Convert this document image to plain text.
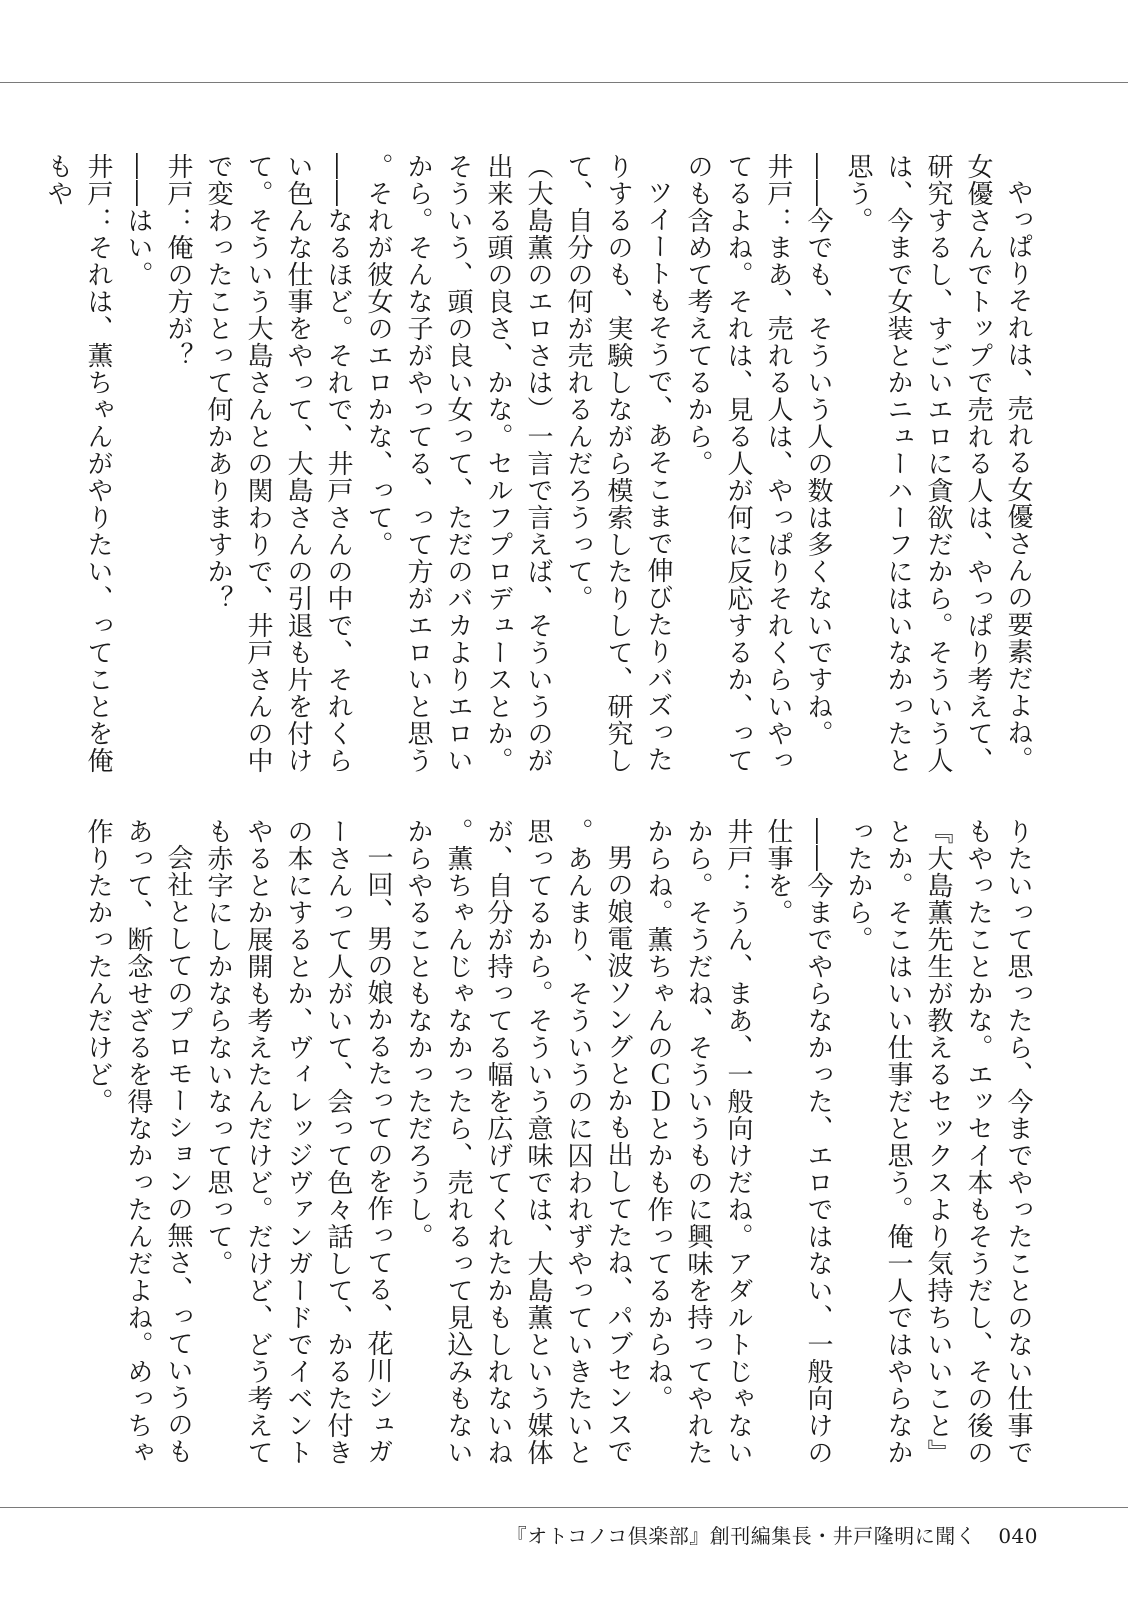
やっぱりそれは、売れる女優さんの要素だよね。女優さんでトップで売れる人は、やっぱり考えて、研究するし、すごいエロに貪欲だから。そういう人は、今まで女装とかニューハーフにはいなかったと思う。

――今でも、そういう人の数は多くないですね。

井戸：まあ、売れる人は、やっぱりそれくらいやってるよね。それは、見る人が何に反応するか、ってのも含めて考えてるから。

ツイートもそうで、あそこまで伸びたりバズったりするのも、実験しながら模索したりして、研究して、自分の何が売れるんだろうって。

（大島薫のエロさは）一言で言えば、そういうのが出来る頭の良さ、かな。セルフプロデュースとか。そういう、頭の良い女って、ただのバカよりエロいから。そんな子がやってる、って方がエロいと思う。それが彼女のエロかな、って。

――なるほど。それで、井戸さんの中で、それくらい色んな仕事をやって、大島さんの引退も片を付けて。そういう大島さんとの関わりで、井戸さんの中で変わったことって何かありますか？

井戸：俺の方が？

――はい。

井戸：それは、薫ちゃんがやりたい、ってことを俺もや

りたいって思ったら、今までやったことのない仕事でもやったことかな。エッセイ本もそうだし、その後の『大島薫先生が教えるセックスより気持ちいいこと』とか。そこはいい仕事だと思う。俺一人ではやらなかったから。

――今までやらなかった、エロではない、一般向けの仕事を。

井戸：うん、まあ、一般向けだね。アダルトじゃないから。そうだね、そういうものに興味を持ってやれたからね。薫ちゃんのＣＤとかも作ってるからね。

男の娘電波ソングとかも出してたね、パブセンスで。あんまり、そういうのに囚われずやっていきたいと思ってるから。そういう意味では、大島薫という媒体が、自分が持ってる幅を広げてくれたかもしれないね。薫ちゃんじゃなかったら、売れるって見込みもないからやることもなかっただろうし。

一回、男の娘かるたってのを作ってる、花川シュガーさんって人がいて、会って色々話して、かるた付きの本にするとか、ヴィレッジヴァンガードでイベントやるとか展開も考えたんだけど。だけど、どう考えても赤字にしかならないなって思って。

会社としてのプロモーションの無さ、っていうのもあって、断念せざるを得なかったんだよね。めっちゃ作りたかったんだけど。

『オトコノコ倶楽部』創刊編集長・井戸隆明に聞く 040
